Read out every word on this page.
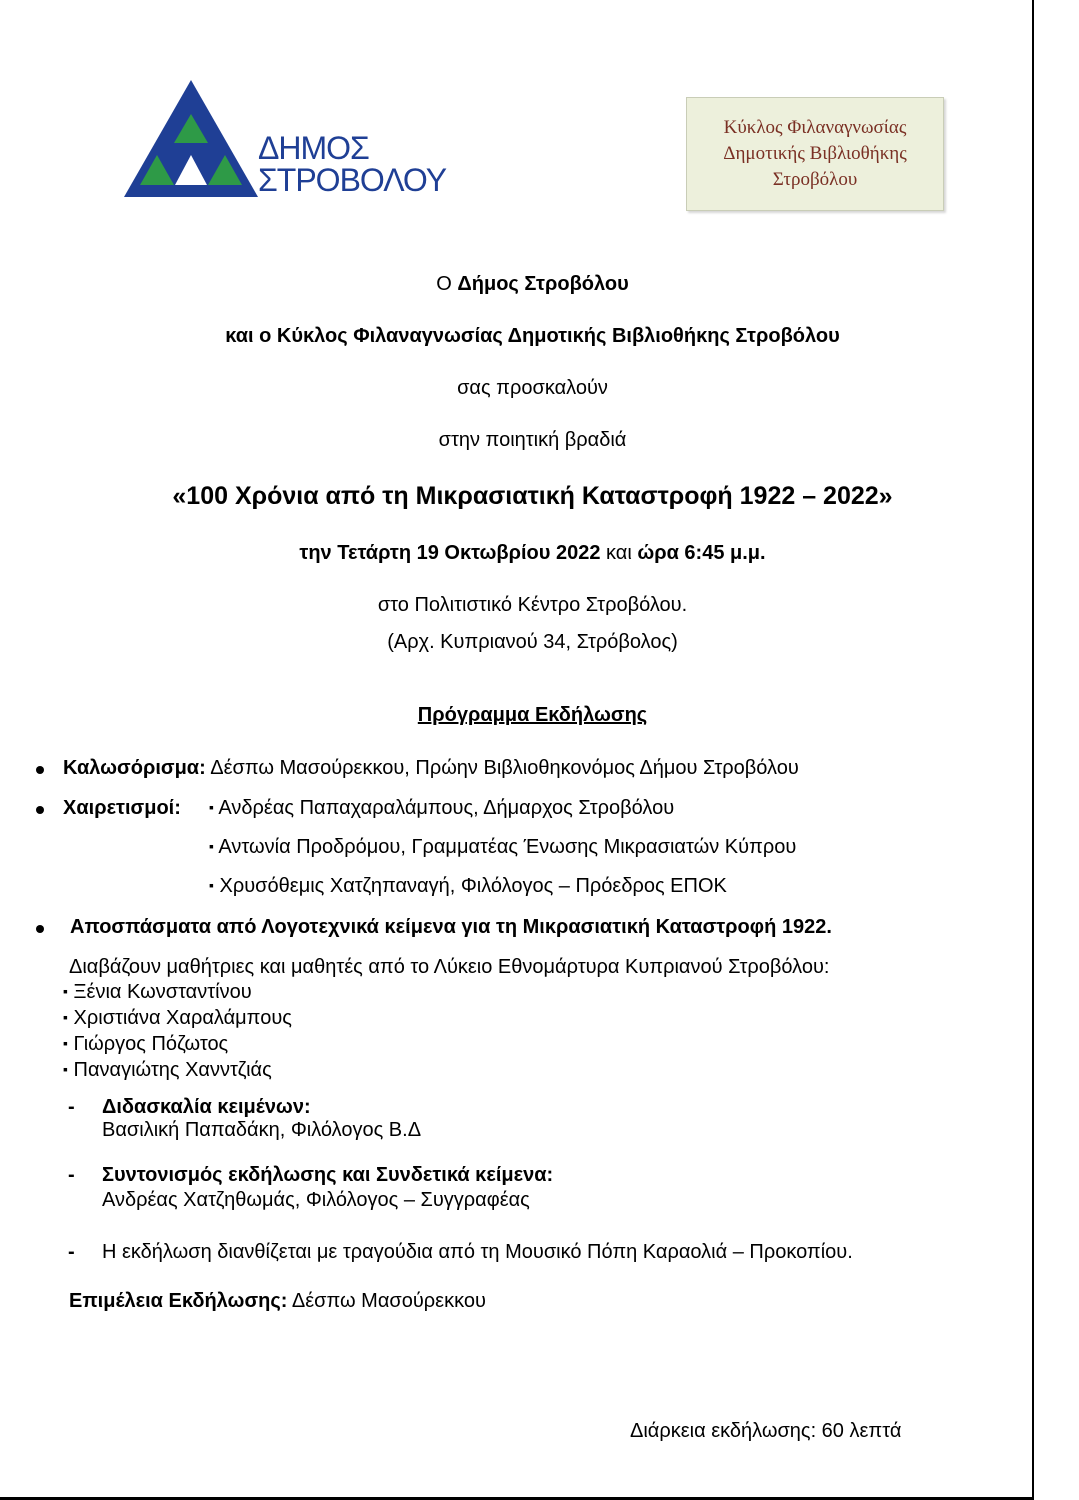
ΔΗΜΟΣ
ΣΤΡΟΒΟΛΟΥ
Κύκλος Φιλαναγνωσίας
Δημοτικής Βιβλιοθήκης
Στροβόλου
Ο Δήμος Στροβόλου
και ο Κύκλος Φιλαναγνωσίας Δημοτικής Βιβλιοθήκης Στροβόλου
σας προσκαλούν
στην ποιητική βραδιά
«100 Χρόνια από τη Μικρασιατική Καταστροφή 1922 – 2022»
την Τετάρτη 19 Οκτωβρίου 2022 και ώρα 6:45 μ.μ.
στο Πολιτιστικό Κέντρο Στροβόλου.
(Αρχ. Κυπριανού 34, Στρόβολος)
Πρόγραμμα Εκδήλωσης
Καλωσόρισμα: Δέσπω Μασούρεκκου, Πρώην Βιβλιοθηκονόμος Δήμου Στροβόλου
Χαιρετισμοί: ▪ Ανδρέας Παπαχαραλάμπους, Δήμαρχος Στροβόλου
▪ Αντωνία Προδρόμου, Γραμματέας Ένωσης Μικρασιατών Κύπρου
▪ Χρυσόθεμις Χατζηπαναγή, Φιλόλογος – Πρόεδρος ΕΠΟΚ
Αποσπάσματα από Λογοτεχνικά κείμενα για τη Μικρασιατική Καταστροφή 1922.
Διαβάζουν μαθήτριες και μαθητές από το Λύκειο Εθνομάρτυρα Κυπριανού Στροβόλου:
▪ Ξένια Κωνσταντίνου
▪ Χριστιάνα Χαραλάμπους
▪ Γιώργος Πόζωτος
▪ Παναγιώτης Χανντζιάς
- Διδασκαλία κειμένων:
Βασιλική Παπαδάκη, Φιλόλογος Β.Δ
- Συντονισμός εκδήλωσης και Συνδετικά κείμενα:
Ανδρέας Χατζηθωμάς, Φιλόλογος – Συγγραφέας
- Η εκδήλωση διανθίζεται με τραγούδια από τη Μουσικό Πόπη Καραολιά – Προκοπίου.
Επιμέλεια Εκδήλωσης: Δέσπω Μασούρεκκου
Διάρκεια εκδήλωσης: 60 λεπτά
